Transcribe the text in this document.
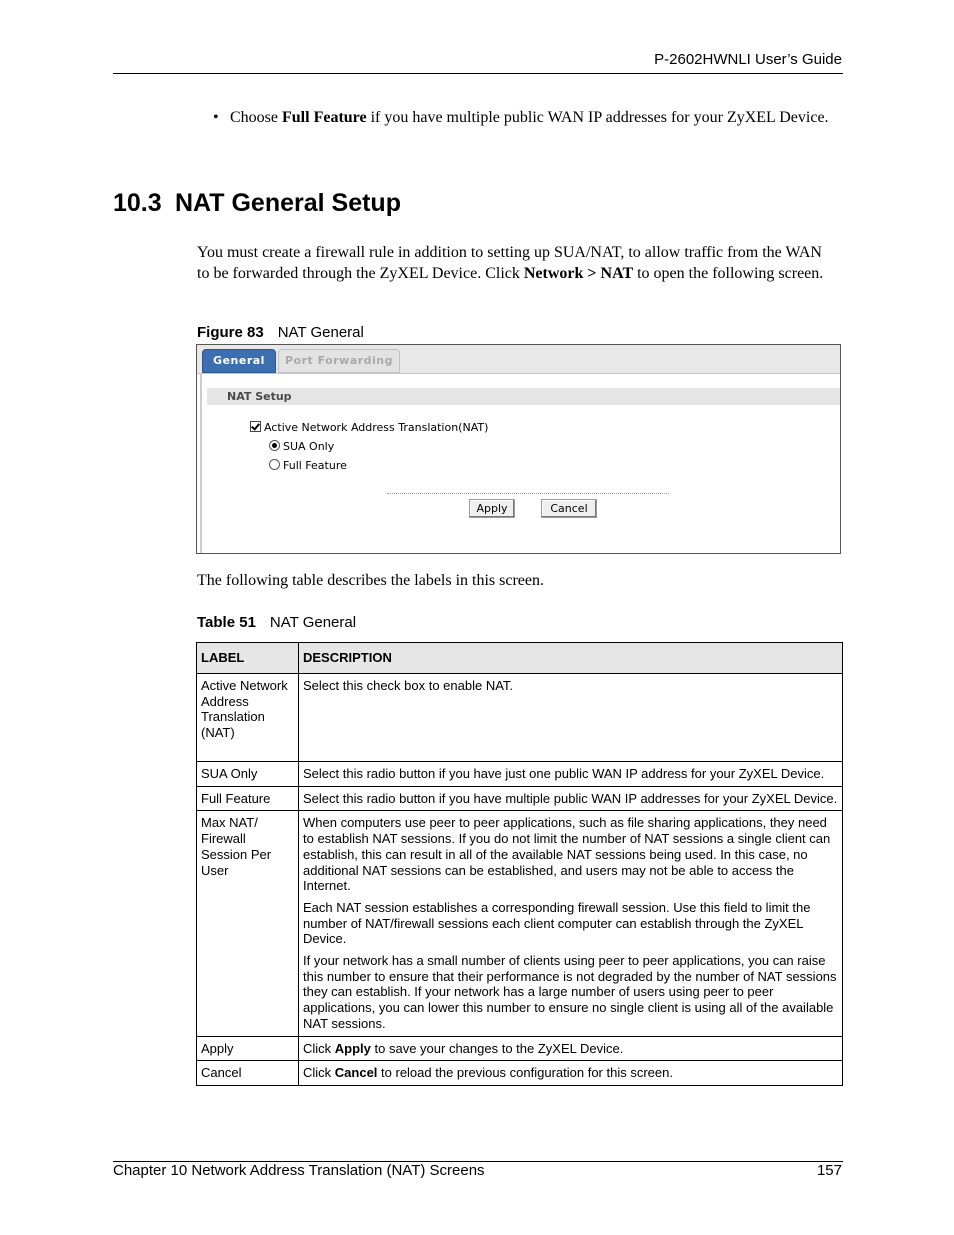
P-2602HWNLI User’s Guide
• Choose Full Feature if you have multiple public WAN IP addresses for your ZyXEL Device.
10.3 NAT General Setup
You must create a firewall rule in addition to setting up SUA/NAT, to allow traffic from the WAN to be forwarded through the ZyXEL Device. Click Network > NAT to open the following screen.
Figure 83 NAT General
General	Port Forwarding
NAT Setup
Active Network Address Translation(NAT)
SUA Only
Full Feature
Apply	Cancel
The following table describes the labels in this screen.
Table 51 NAT General
LABEL	DESCRIPTION
Active Network Address Translation (NAT)	Select this check box to enable NAT.

SUA Only	Select this radio button if you have just one public WAN IP address for your ZyXEL Device.

Full Feature	Select this radio button if you have multiple public WAN IP addresses for your ZyXEL Device.

Max NAT/ Firewall Session Per User	When computers use peer to peer applications, such as file sharing applications, they need to establish NAT sessions. If you do not limit the number of NAT sessions a single client can establish, this can result in all of the available NAT sessions being used. In this case, no additional NAT sessions can be established, and users may not be able to access the Internet.

Each NAT session establishes a corresponding firewall session. Use this field to limit the number of NAT/firewall sessions each client computer can establish through the ZyXEL Device.

If your network has a small number of clients using peer to peer applications, you can raise this number to ensure that their performance is not degraded by the number of NAT sessions they can establish. If your network has a large number of users using peer to peer applications, you can lower this number to ensure no single client is using all of the available NAT sessions.

Apply	Click Apply to save your changes to the ZyXEL Device.
Cancel	Click Cancel to reload the previous configuration for this screen.
Chapter 10 Network Address Translation (NAT) Screens	157
